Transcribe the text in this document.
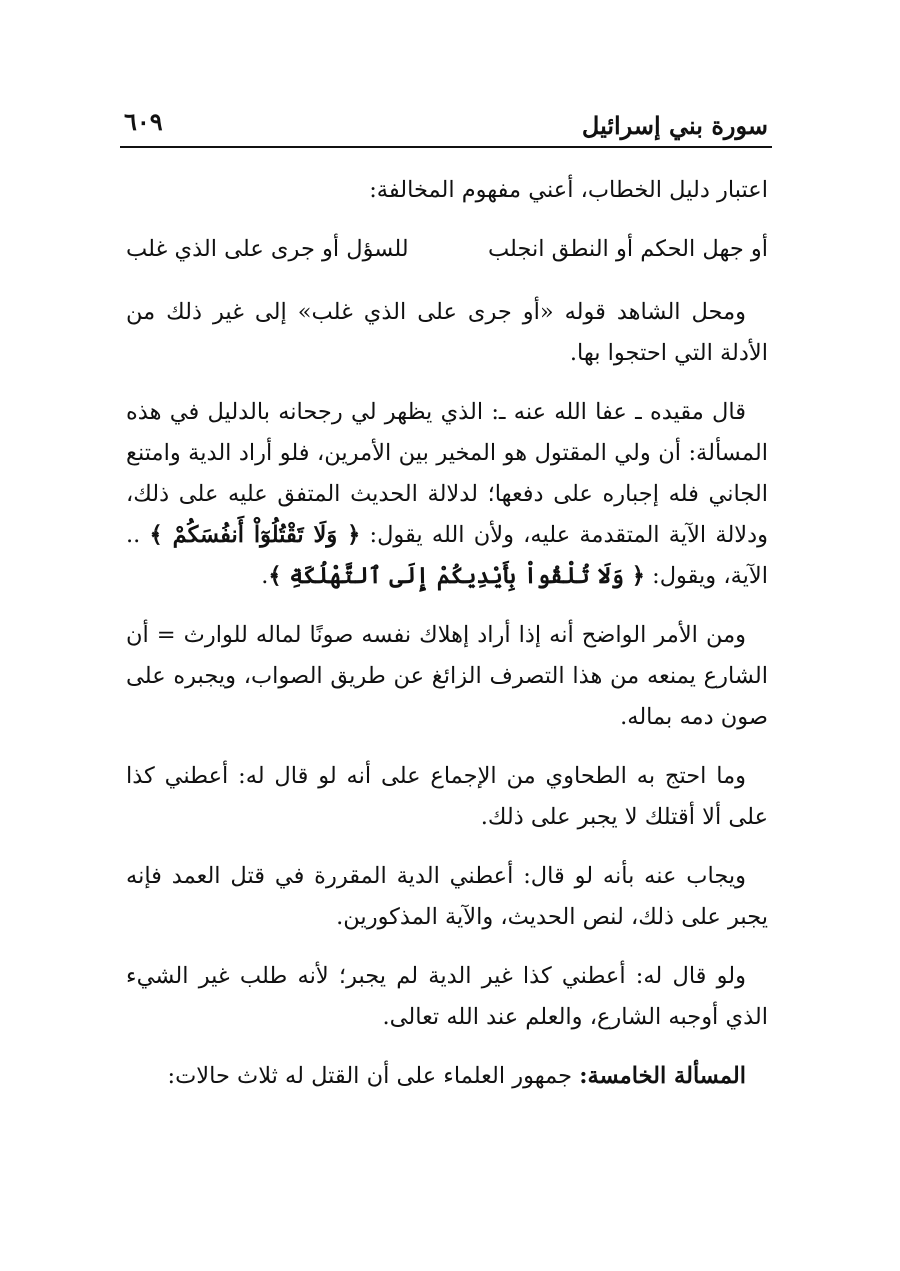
سورة بني إسرائيل
٦٠٩

اعتبار دليل الخطاب، أعني مفهوم المخالفة:

أو جهل الحكم أو النطق انجلب
للسؤل أو جرى على الذي غلب

ومحل الشاهد قوله «أو جرى على الذي غلب» إلى غير ذلك من الأدلة التي احتجوا بها.

قال مقيده ـ عفا الله عنه ـ: الذي يظهر لي رجحانه بالدليل في هذه المسألة: أن ولي المقتول هو المخير بين الأمرين، فلو أراد الدية وامتنع الجاني فله إجباره على دفعها؛ لدلالة الحديث المتفق عليه على ذلك، ودلالة الآية المتقدمة عليه، ولأن الله يقول: ﴿ وَلَا تَقْتُلُوٓاْ أَنفُسَكُمْ ﴾ .. الآية، ويقول: ﴿ وَلَا تُلْقُواْ بِأَيْدِيكُمْ إِلَى ٱلتَّهْلُكَةِ ﴾.

ومن الأمر الواضح أنه إذا أراد إهلاك نفسه صونًا لماله للوارث = أن الشارع يمنعه من هذا التصرف الزائغ عن طريق الصواب، ويجبره على صون دمه بماله.

وما احتج به الطحاوي من الإجماع على أنه لو قال له: أعطني كذا على ألا أقتلك لا يجبر على ذلك.

ويجاب عنه بأنه لو قال: أعطني الدية المقررة في قتل العمد فإنه يجبر على ذلك، لنص الحديث، والآية المذكورين.

ولو قال له: أعطني كذا غير الدية لم يجبر؛ لأنه طلب غير الشيء الذي أوجبه الشارع، والعلم عند الله تعالى.

المسألة الخامسة: جمهور العلماء على أن القتل له ثلاث حالات:
